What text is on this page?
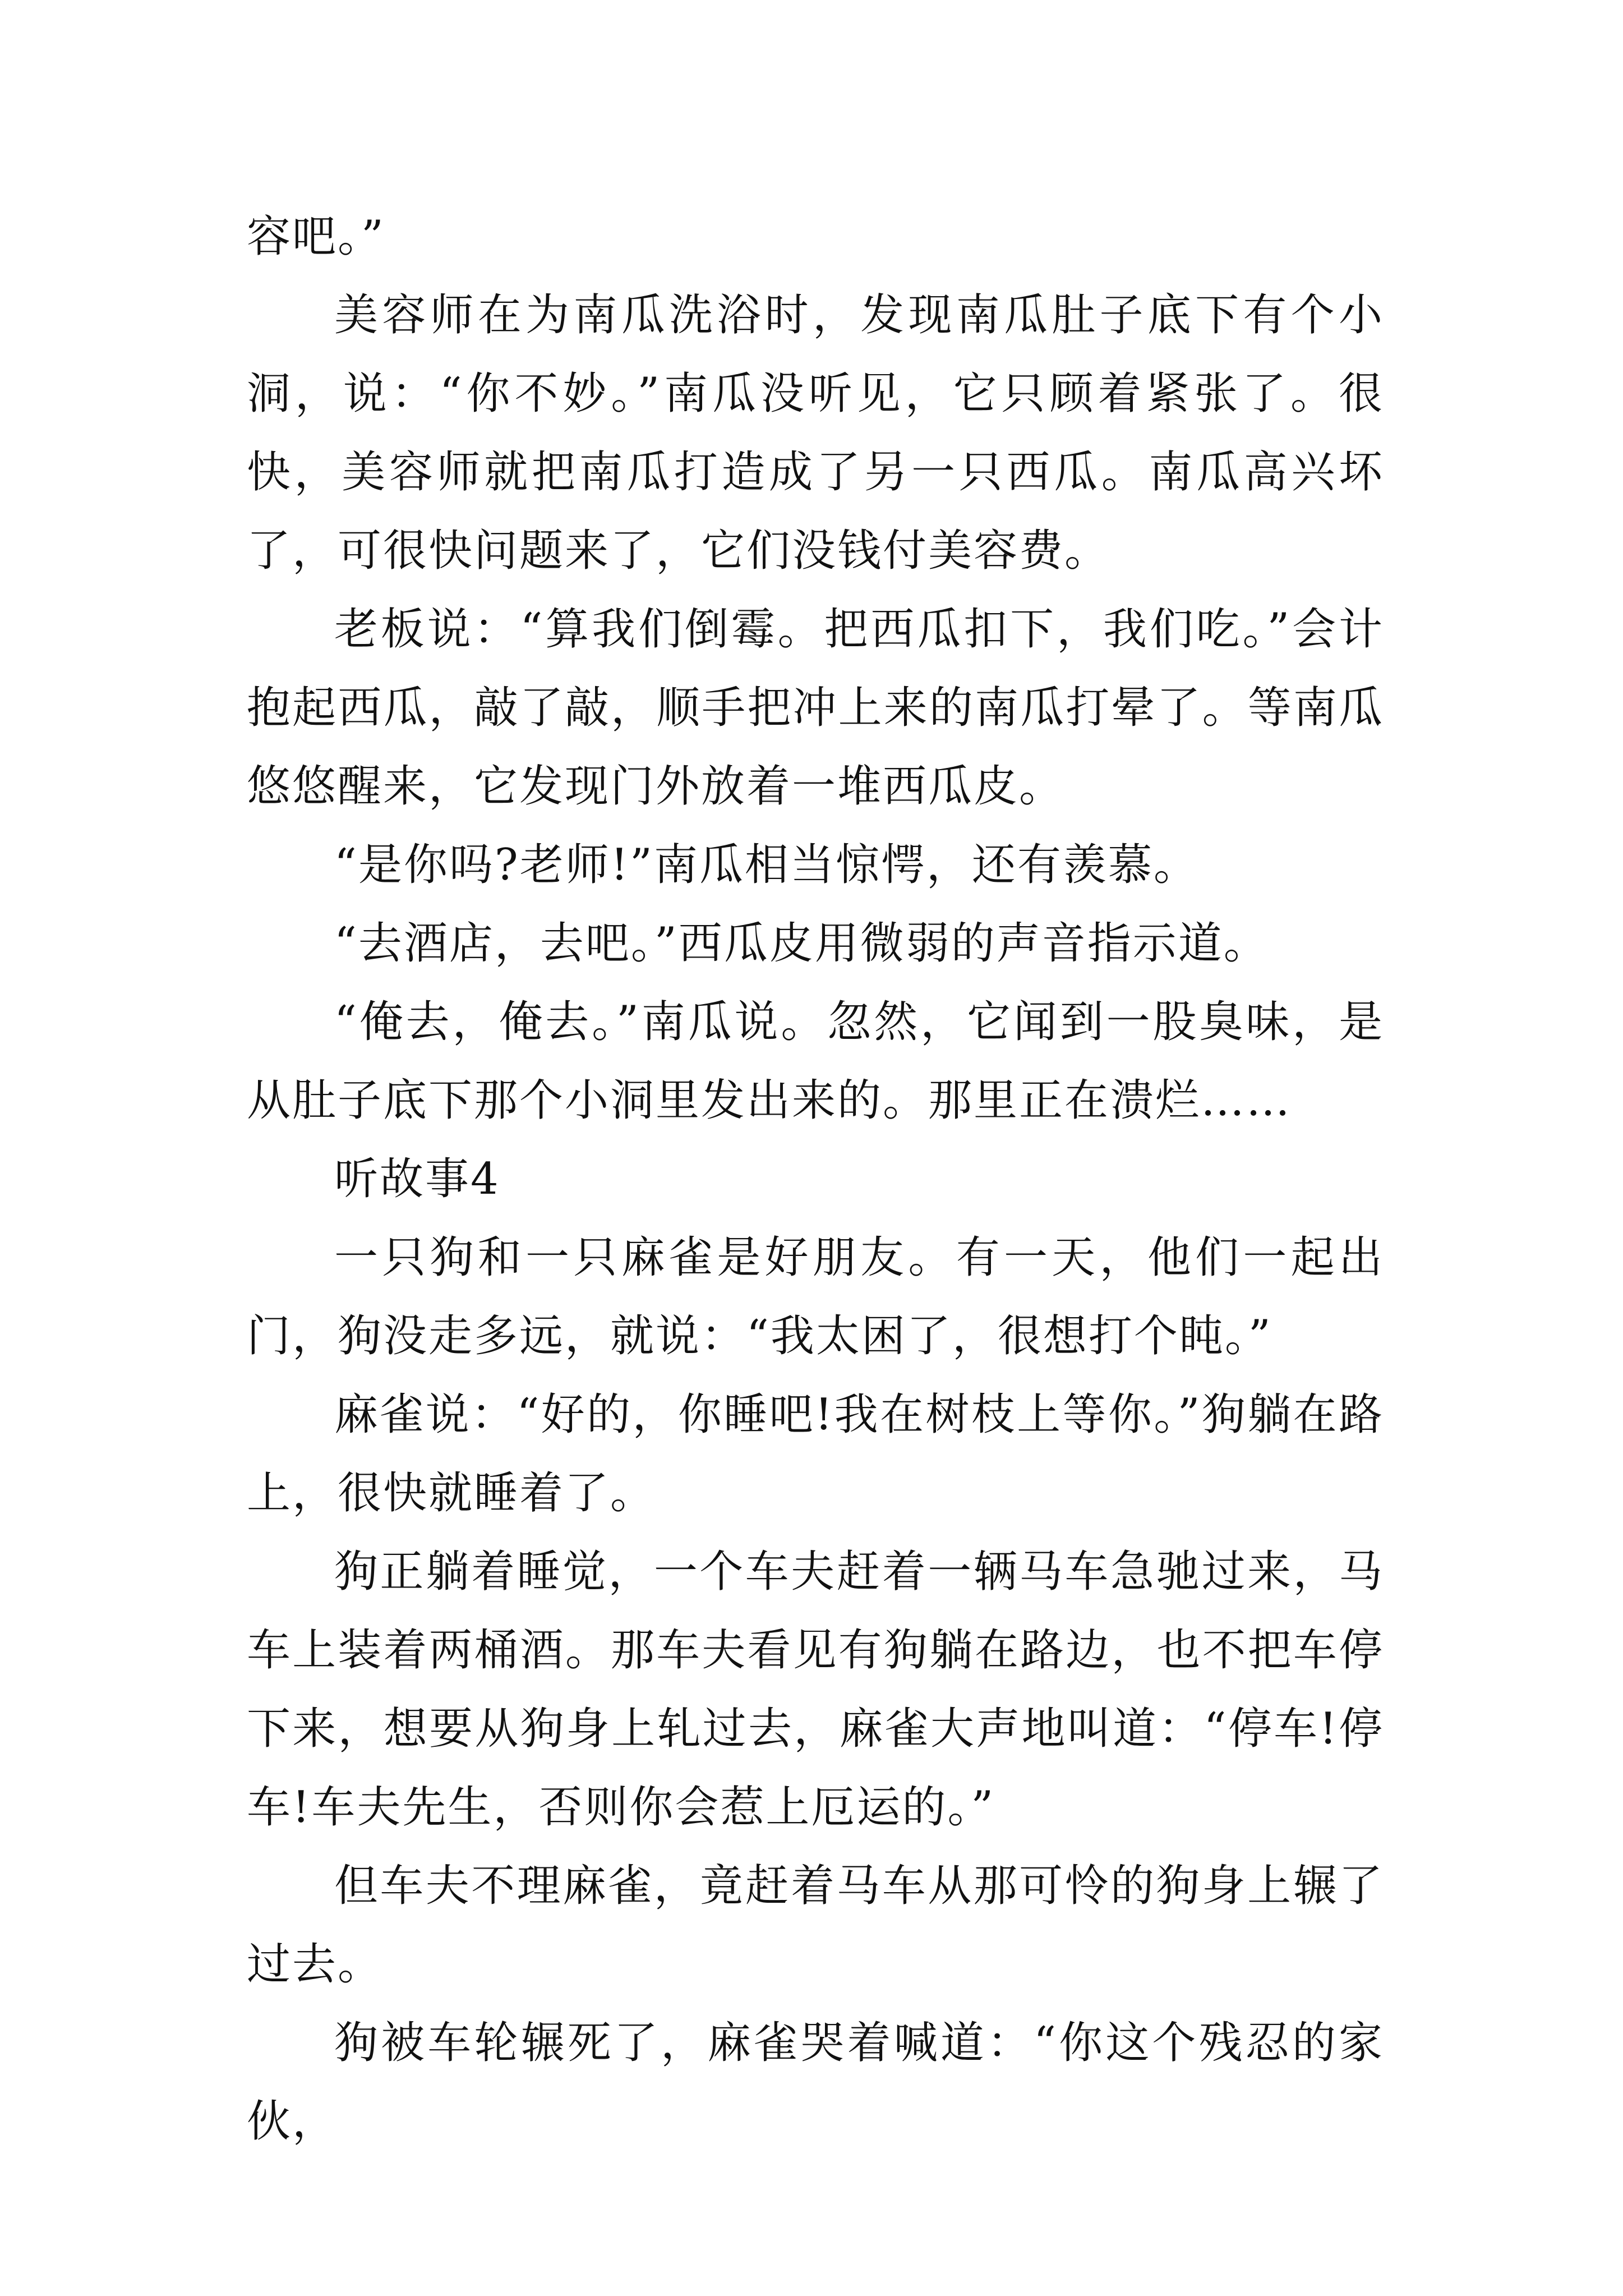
容吧。”

美容师在为南瓜洗浴时，发现南瓜肚子底下有个小洞，说：“你不妙。”南瓜没听见，它只顾着紧张了。很快，美容师就把南瓜打造成了另一只西瓜。南瓜高兴坏了，可很快问题来了，它们没钱付美容费。

老板说：“算我们倒霉。把西瓜扣下，我们吃。”会计抱起西瓜，敲了敲，顺手把冲上来的南瓜打晕了。等南瓜悠悠醒来，它发现门外放着一堆西瓜皮。

“是你吗?老师!”南瓜相当惊愕，还有羡慕。

“去酒店，去吧。”西瓜皮用微弱的声音指示道。

“俺去，俺去。”南瓜说。忽然，它闻到一股臭味，是从肚子底下那个小洞里发出来的。那里正在溃烂……

听故事4

一只狗和一只麻雀是好朋友。有一天，他们一起出门，狗没走多远，就说：“我太困了，很想打个盹。”

麻雀说：“好的，你睡吧!我在树枝上等你。”狗躺在路上，很快就睡着了。

狗正躺着睡觉，一个车夫赶着一辆马车急驰过来，马车上装着两桶酒。那车夫看见有狗躺在路边，也不把车停下来，想要从狗身上轧过去，麻雀大声地叫道：“停车!停车!车夫先生，否则你会惹上厄运的。”

但车夫不理麻雀，竟赶着马车从那可怜的狗身上辗了过去。

狗被车轮辗死了，麻雀哭着喊道：“你这个残忍的家伙，
